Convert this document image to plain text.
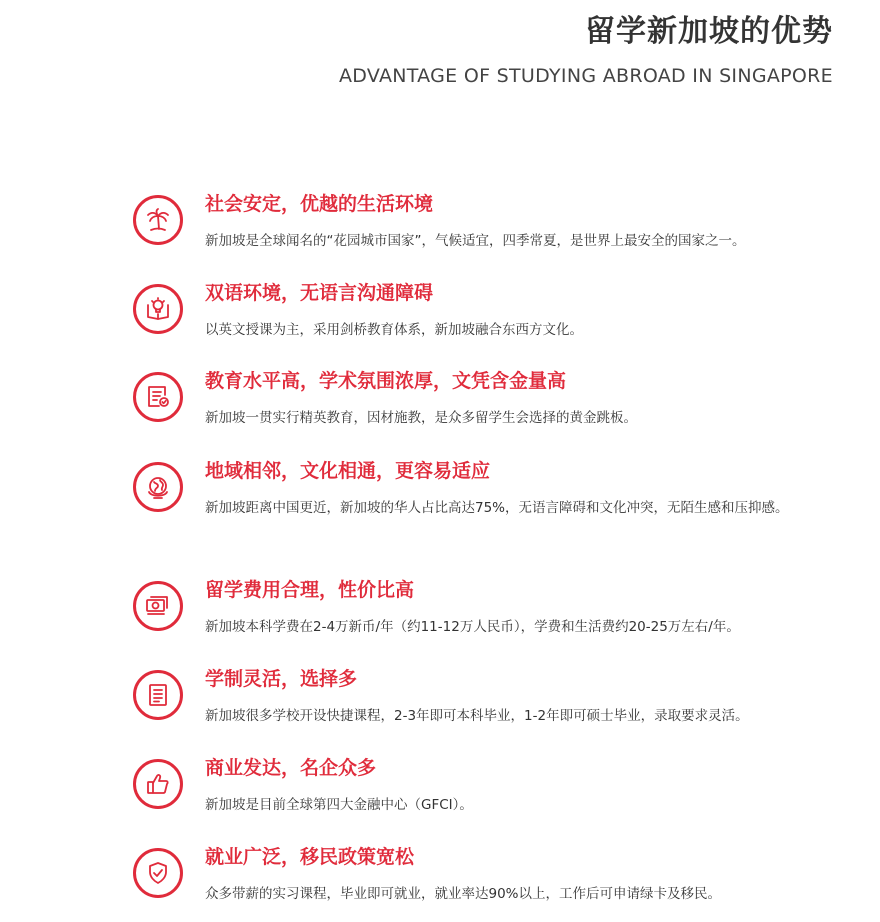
留学新加坡的优势
ADVANTAGE OF STUDYING ABROAD IN SINGAPORE
社会安定，优越的生活环境
新加坡是全球闻名的“花园城市国家”，气候适宜，四季常夏，是世界上最安全的国家之一。
双语环境，无语言沟通障碍
以英文授课为主，采用剑桥教育体系，新加坡融合东西方文化。
教育水平高，学术氛围浓厚，文凭含金量高
新加坡一贯实行精英教育，因材施教，是众多留学生会选择的黄金跳板。
地域相邻，文化相通，更容易适应
新加坡距离中国更近，新加坡的华人占比高达75%，无语言障碍和文化冲突，无陌生感和压抑感。
留学费用合理，性价比高
新加坡本科学费在2-4万新币/年（约11-12万人民币），学费和生活费约20-25万左右/年。
学制灵活，选择多
新加坡很多学校开设快捷课程，2-3年即可本科毕业，1-2年即可硕士毕业，录取要求灵活。
商业发达，名企众多
新加坡是目前全球第四大金融中心（GFCI）。
就业广泛，移民政策宽松
众多带薪的实习课程，毕业即可就业，就业率达90%以上，工作后可申请绿卡及移民。
